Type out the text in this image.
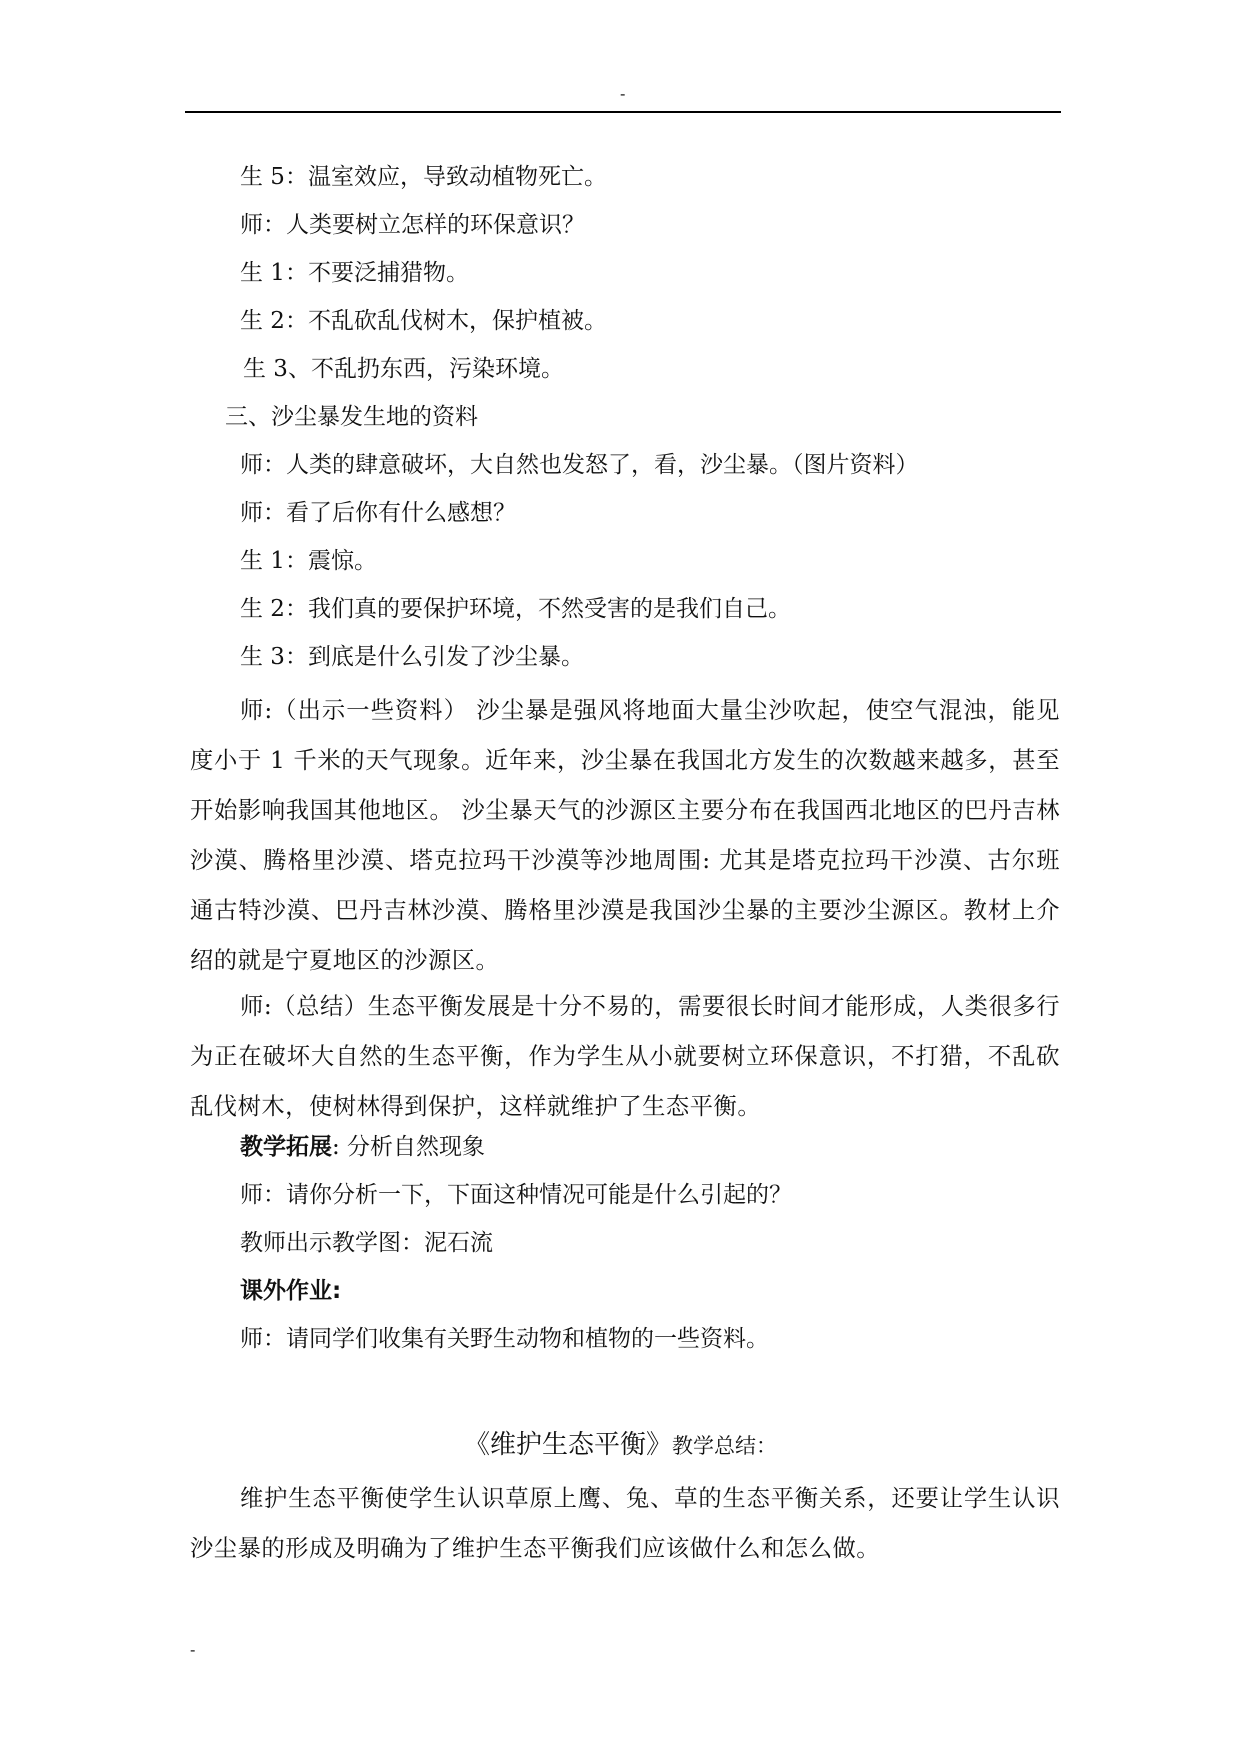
-
生 5：温室效应，导致动植物死亡。
师：人类要树立怎样的环保意识？
生 1：不要泛捕猎物。
生 2：不乱砍乱伐树木，保护植被。
生 3、不乱扔东西，污染环境。
三、沙尘暴发生地的资料
师：人类的肆意破坏，大自然也发怒了，看，沙尘暴。（图片资料）
师：看了后你有什么感想？
生 1：震惊。
生 2：我们真的要保护环境，不然受害的是我们自己。
生 3：到底是什么引发了沙尘暴。
师:（出示一些资料） 沙尘暴是强风将地面大量尘沙吹起，使空气混浊，能见度小于 1 千米的天气现象。近年来，沙尘暴在我国北方发生的次数越来越多，甚至开始影响我国其他地区。 沙尘暴天气的沙源区主要分布在我国西北地区的巴丹吉林沙漠、腾格里沙漠、塔克拉玛干沙漠等沙地周围: 尤其是塔克拉玛干沙漠、古尔班通古特沙漠、巴丹吉林沙漠、腾格里沙漠是我国沙尘暴的主要沙尘源区。教材上介绍的就是宁夏地区的沙源区。
师:（总结）生态平衡发展是十分不易的，需要很长时间才能形成，人类很多行为正在破坏大自然的生态平衡，作为学生从小就要树立环保意识，不打猎，不乱砍乱伐树木，使树林得到保护，这样就维护了生态平衡。
教学拓展: 分析自然现象
师：请你分析一下，下面这种情况可能是什么引起的？
教师出示教学图：泥石流
课外作业:
师：请同学们收集有关野生动物和植物的一些资料。
《维护生态平衡》教学总结：
维护生态平衡使学生认识草原上鹰、兔、草的生态平衡关系，还要让学生认识沙尘暴的形成及明确为了维护生态平衡我们应该做什么和怎么做。
-
